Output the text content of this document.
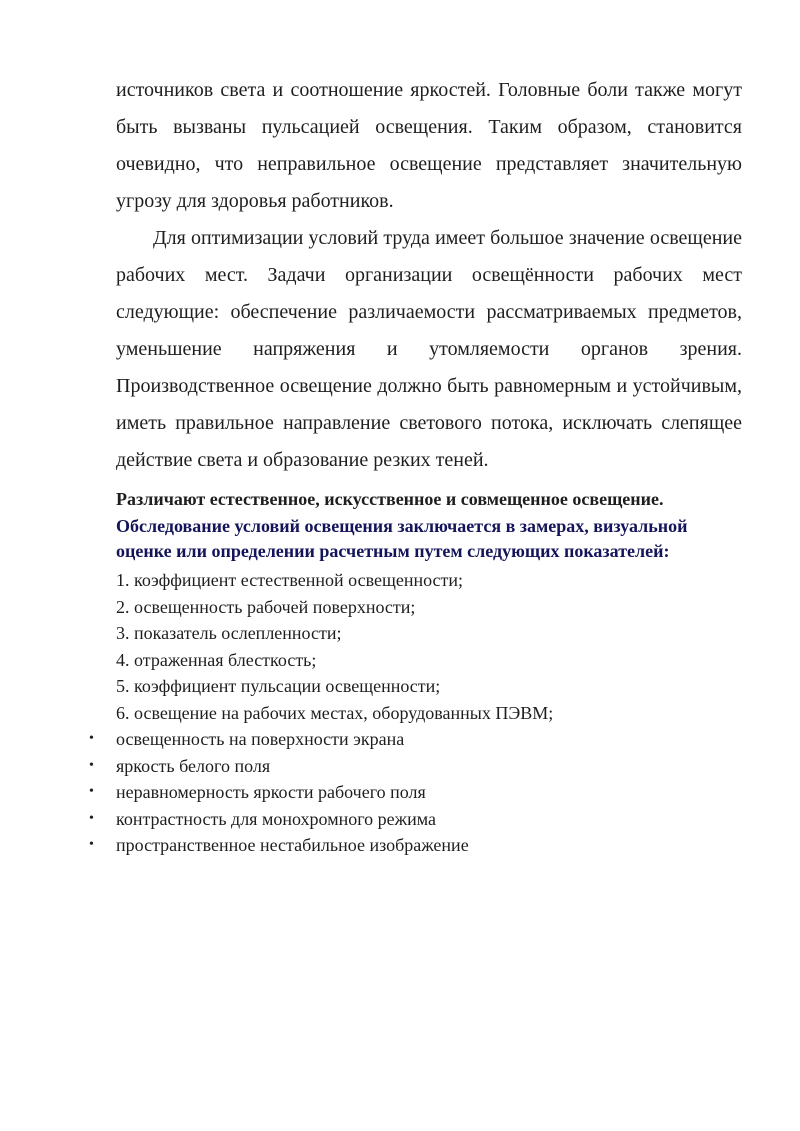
источников света и соотношение яркостей. Головные боли также могут быть вызваны пульсацией освещения. Таким образом, становится очевидно, что неправильное освещение представляет значительную угрозу для здоровья работников.

Для оптимизации условий труда имеет большое значение освещение рабочих мест. Задачи организации освещённости рабочих мест следующие: обеспечение различаемости рассматриваемых предметов, уменьшение напряжения и утомляемости органов зрения. Производственное освещение должно быть равномерным и устойчивым, иметь правильное направление светового потока, исключать слепящее действие света и образование резких теней.

Различают естественное, искусственное и совмещенное освещение.

Обследование условий освещения заключается в замерах, визуальной оценке или определении расчетным путем следующих показателей:

1. коэффициент естественной освещенности;
2. освещенность рабочей поверхности;
3. показатель ослепленности;
4. отраженная блесткость;
5. коэффициент пульсации освещенности;
6. освещение на рабочих местах, оборудованных ПЭВМ;
• освещенность на поверхности экрана
• яркость белого поля
• неравномерность яркости рабочего поля
• контрастность для монохромного режима
• пространственное нестабильное изображение
